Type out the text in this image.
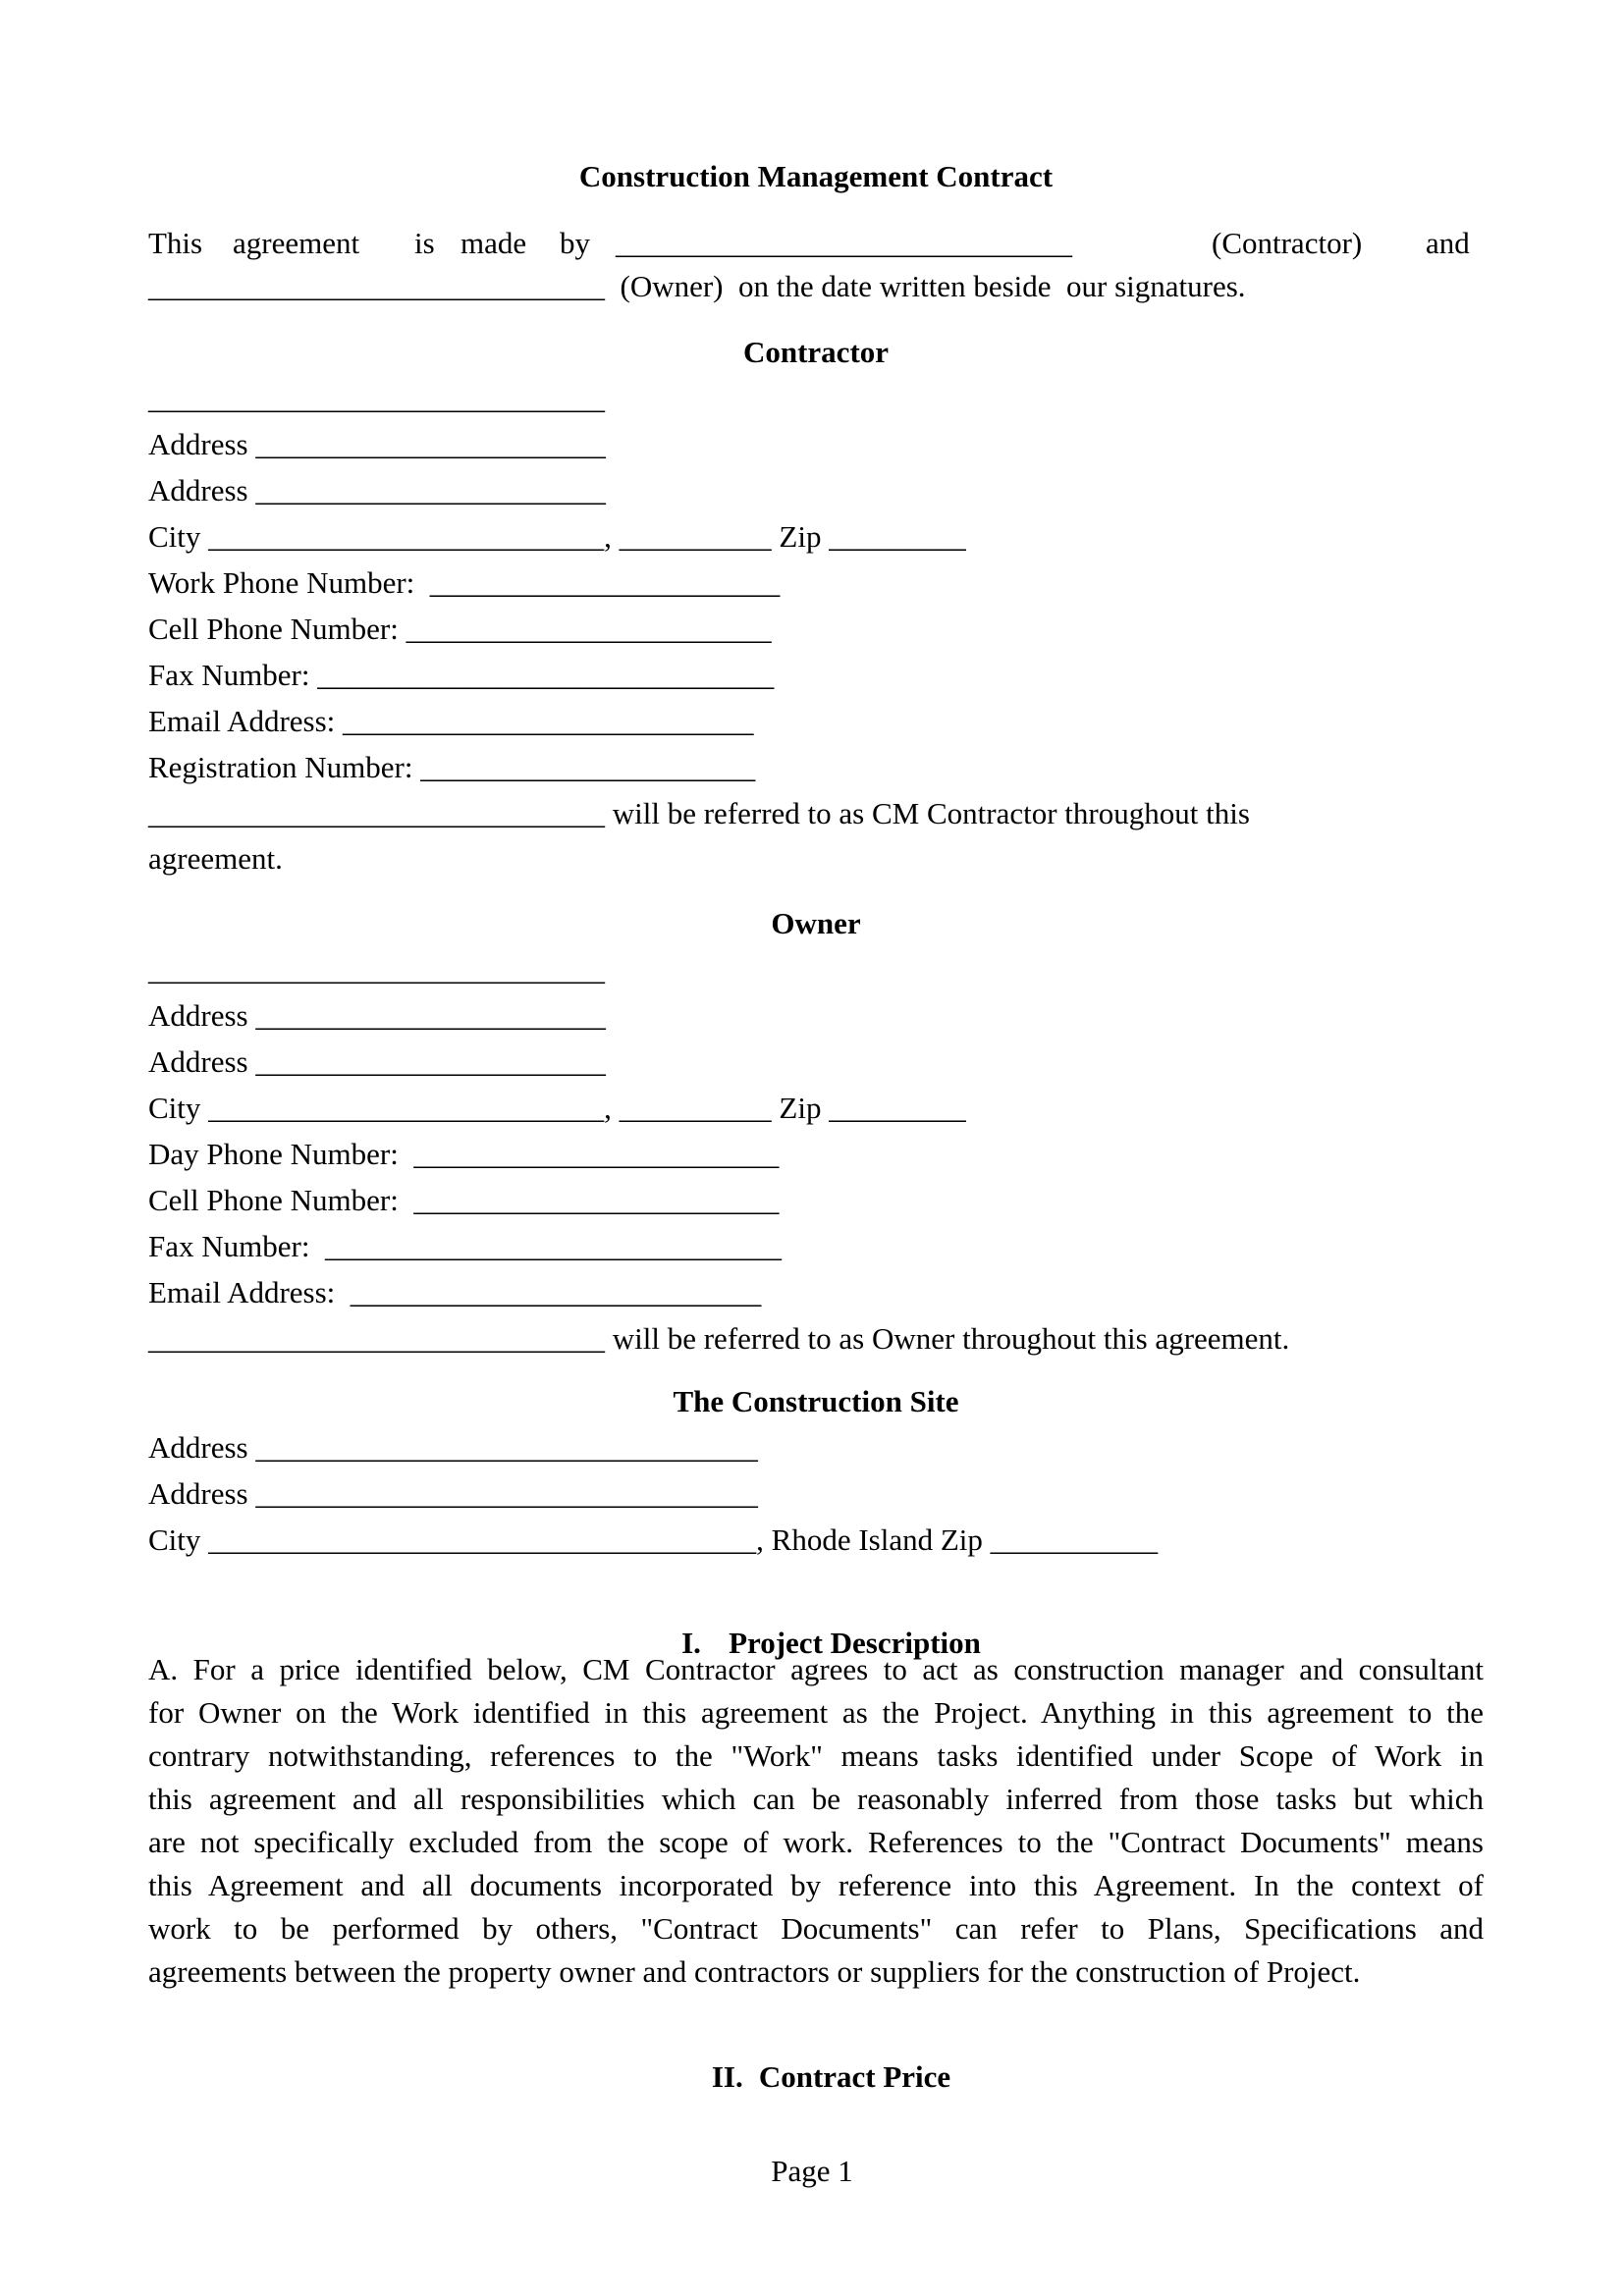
Construction Management Contract

This

agreement

is

made

by

______________________________

	(Contractor)

and

______________________________  (Owner)  on the date written beside  our signatures.
Contractor
______________________________
Address _______________________
Address _______________________
City __________________________, __________ Zip _________
Work Phone Number:  _______________________
Cell Phone Number: ________________________
Fax Number: ______________________________
Email Address: ___________________________
Registration Number: ______________________
______________________________ will be referred to as CM Contractor throughout this
agreement.
Owner
______________________________
Address _______________________
Address _______________________
City __________________________, __________ Zip _________
Day Phone Number:  ________________________
Cell Phone Number:  ________________________
Fax Number:  ______________________________
Email Address:  ___________________________
______________________________ will be referred to as Owner throughout this agreement.
The Construction Site
Address _________________________________
Address _________________________________
City ____________________________________, Rhode Island Zip ___________

I. Project Description

A. For a price identified below, CM Contractor agrees to act as construction manager and consultant
for Owner on the Work identified in this agreement as the Project. Anything in this agreement to the
contrary notwithstanding, references to the "Work" means tasks identified under Scope of Work in
this agreement and all responsibilities which can be reasonably inferred from those tasks but which
are not specifically excluded from the scope of work. References to the "Contract Documents" means
this Agreement and all documents incorporated by reference into this Agreement. In the context of
work to be performed by others, "Contract Documents" can refer to Plans, Specifications and
agreements between the property owner and contractors or suppliers for the construction of Project.

II. Contract Price

Page 1
